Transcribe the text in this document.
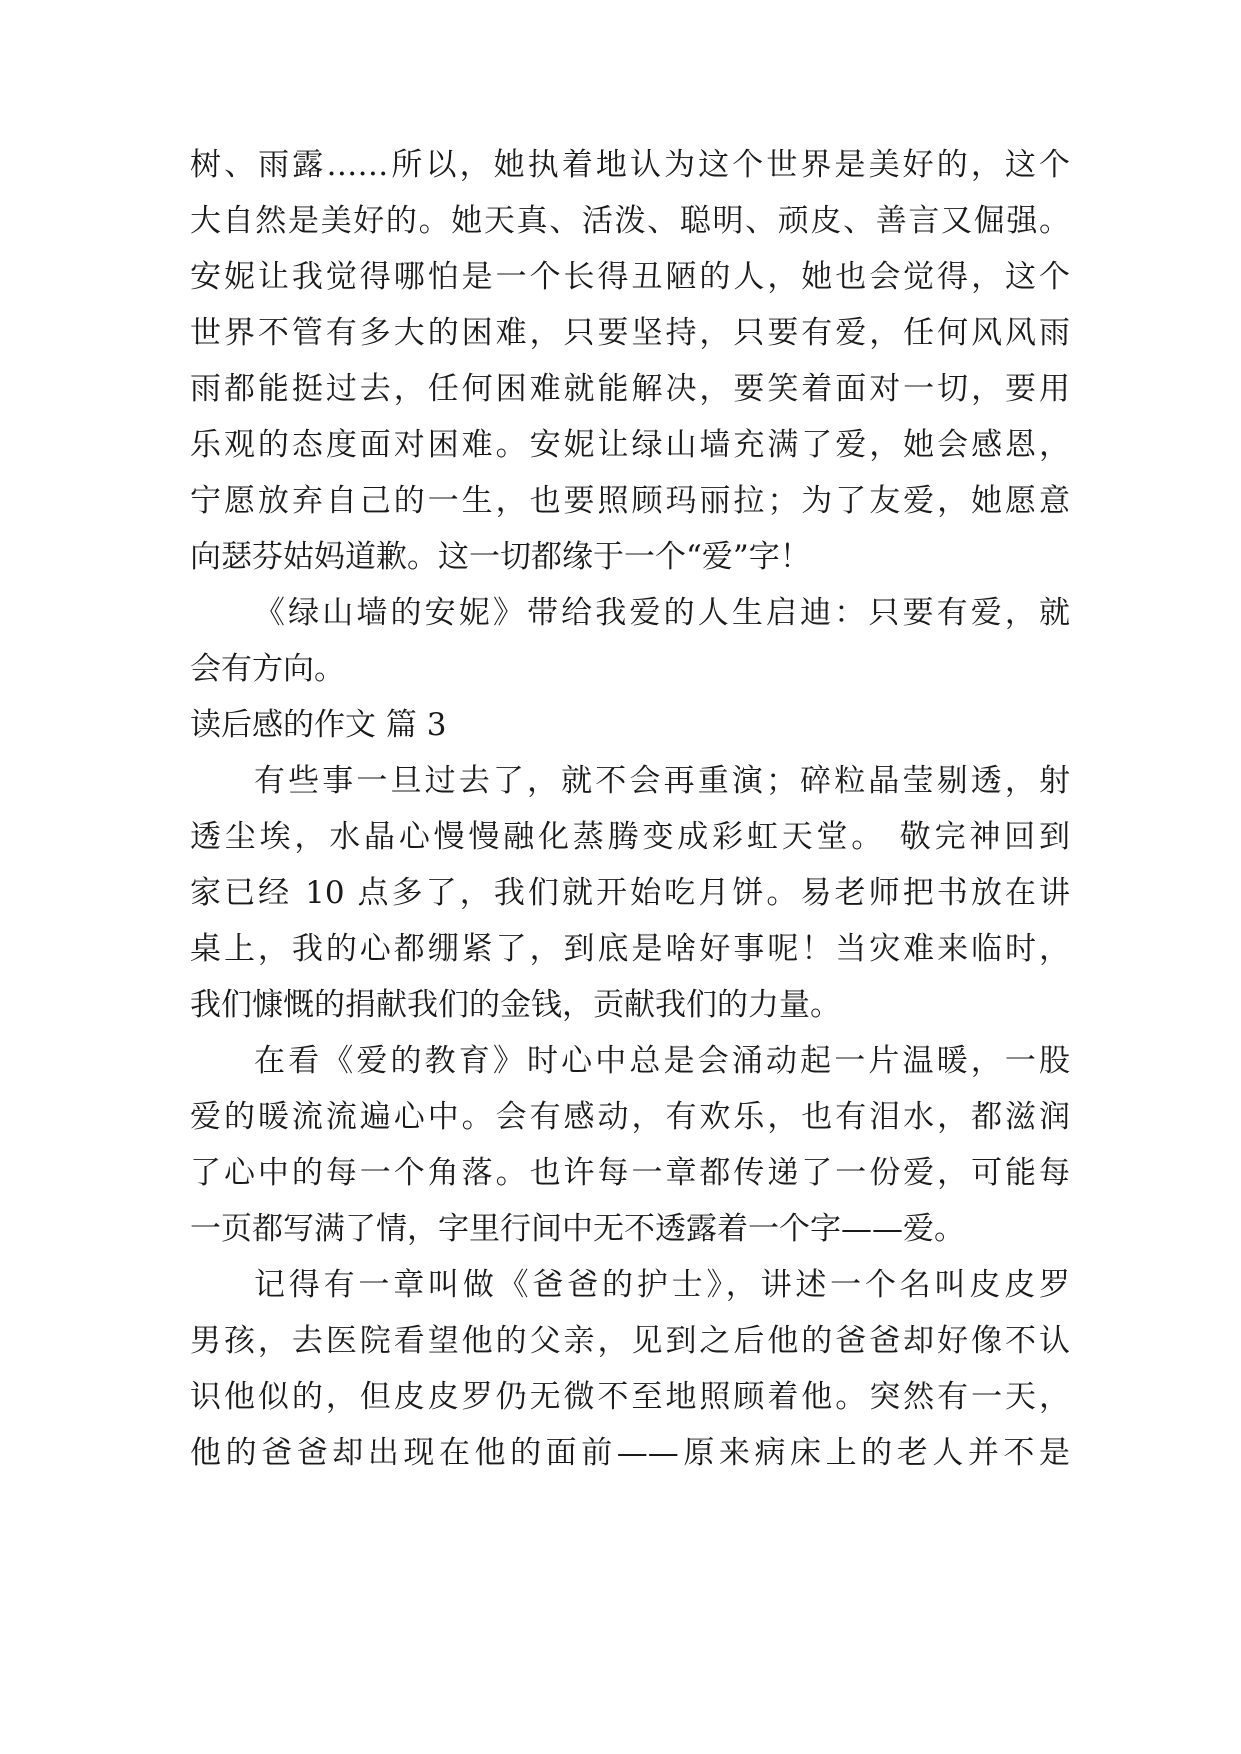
树、雨露……所以，她执着地认为这个世界是美好的，这个
大自然是美好的。她天真、活泼、聪明、顽皮、善言又倔强。
安妮让我觉得哪怕是一个长得丑陋的人，她也会觉得，这个
世界不管有多大的困难，只要坚持，只要有爱，任何风风雨
雨都能挺过去，任何困难就能解决，要笑着面对一切，要用
乐观的态度面对困难。安妮让绿山墙充满了爱，她会感恩，
宁愿放弃自己的一生，也要照顾玛丽拉；为了友爱，她愿意
向瑟芬姑妈道歉。这一切都缘于一个“爱”字！
《绿山墙的安妮》带给我爱的人生启迪：只要有爱，就
会有方向。
读后感的作文 篇 3
有些事一旦过去了，就不会再重演；碎粒晶莹剔透，射
透尘埃，水晶心慢慢融化蒸腾变成彩虹天堂。 敬完神回到
家已经 10 点多了，我们就开始吃月饼。易老师把书放在讲
桌上，我的心都绷紧了，到底是啥好事呢！当灾难来临时，
我们慷慨的捐献我们的金钱，贡献我们的力量。
在看《爱的教育》时心中总是会涌动起一片温暖，一股
爱的暖流流遍心中。会有感动，有欢乐，也有泪水，都滋润
了心中的每一个角落。也许每一章都传递了一份爱，可能每
一页都写满了情，字里行间中无不透露着一个字——爱。
记得有一章叫做《爸爸的护士》，讲述一个名叫皮皮罗
男孩，去医院看望他的父亲，见到之后他的爸爸却好像不认
识他似的，但皮皮罗仍无微不至地照顾着他。突然有一天，
他的爸爸却出现在他的面前——原来病床上的老人并不是
